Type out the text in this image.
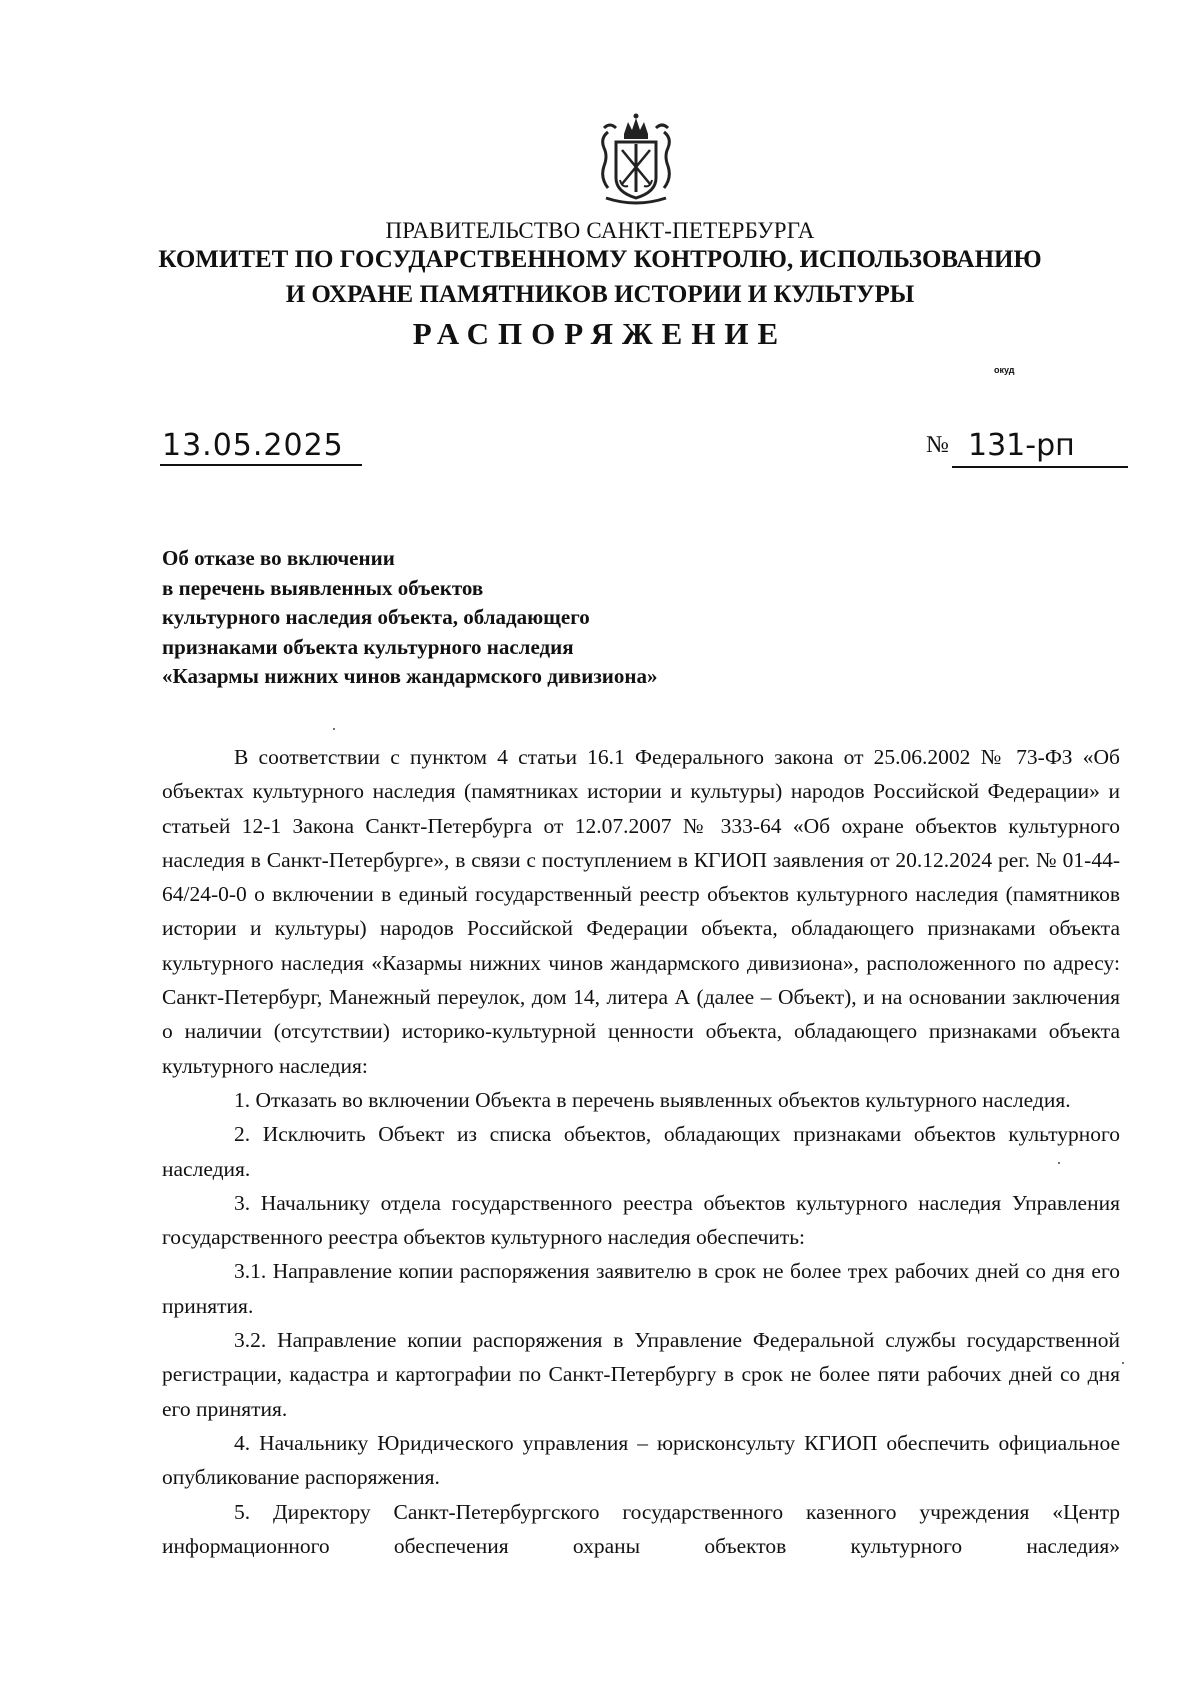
ПРАВИТЕЛЬСТВО САНКТ-ПЕТЕРБУРГА
КОМИТЕТ ПО ГОСУДАРСТВЕННОМУ КОНТРОЛЮ, ИСПОЛЬЗОВАНИЮ
И ОХРАНЕ ПАМЯТНИКОВ ИСТОРИИ И КУЛЬТУРЫ
РАСПОРЯЖЕНИЕ
окуд
13.05.2025	№ 131-рп
Об отказе во включении
в перечень выявленных объектов
культурного наследия объекта, обладающего
признаками объекта культурного наследия
«Казармы нижних чинов жандармского дивизиона»

В соответствии с пунктом 4 статьи 16.1 Федерального закона от 25.06.2002 № 73-ФЗ «Об объектах культурного наследия (памятниках истории и культуры) народов Российской Федерации» и статьей 12-1 Закона Санкт-Петербурга от 12.07.2007 № 333-64 «Об охране объектов культурного наследия в Санкт-Петербурге», в связи с поступлением в КГИОП заявления от 20.12.2024 рег. № 01-44-64/24-0-0 о включении в единый государственный реестр объектов культурного наследия (памятников истории и культуры) народов Российской Федерации объекта, обладающего признаками объекта культурного наследия «Казармы нижних чинов жандармского дивизиона», расположенного по адресу: Санкт-Петербург, Манежный переулок, дом 14, литера А (далее – Объект), и на основании заключения о наличии (отсутствии) историко-культурной ценности объекта, обладающего признаками объекта культурного наследия:

1. Отказать во включении Объекта в перечень выявленных объектов культурного наследия.

2. Исключить Объект из списка объектов, обладающих признаками объектов культурного наследия.

3. Начальнику отдела государственного реестра объектов культурного наследия Управления государственного реестра объектов культурного наследия обеспечить:

3.1. Направление копии распоряжения заявителю в срок не более трех рабочих дней со дня его принятия.

3.2. Направление копии распоряжения в Управление Федеральной службы государственной регистрации, кадастра и картографии по Санкт-Петербургу в срок не более пяти рабочих дней со дня его принятия.

4. Начальнику Юридического управления – юрисконсульту КГИОП обеспечить официальное опубликование распоряжения.

5. Директору Санкт-Петербургского государственного казенного учреждения «Центр информационного обеспечения охраны объектов культурного наследия»
